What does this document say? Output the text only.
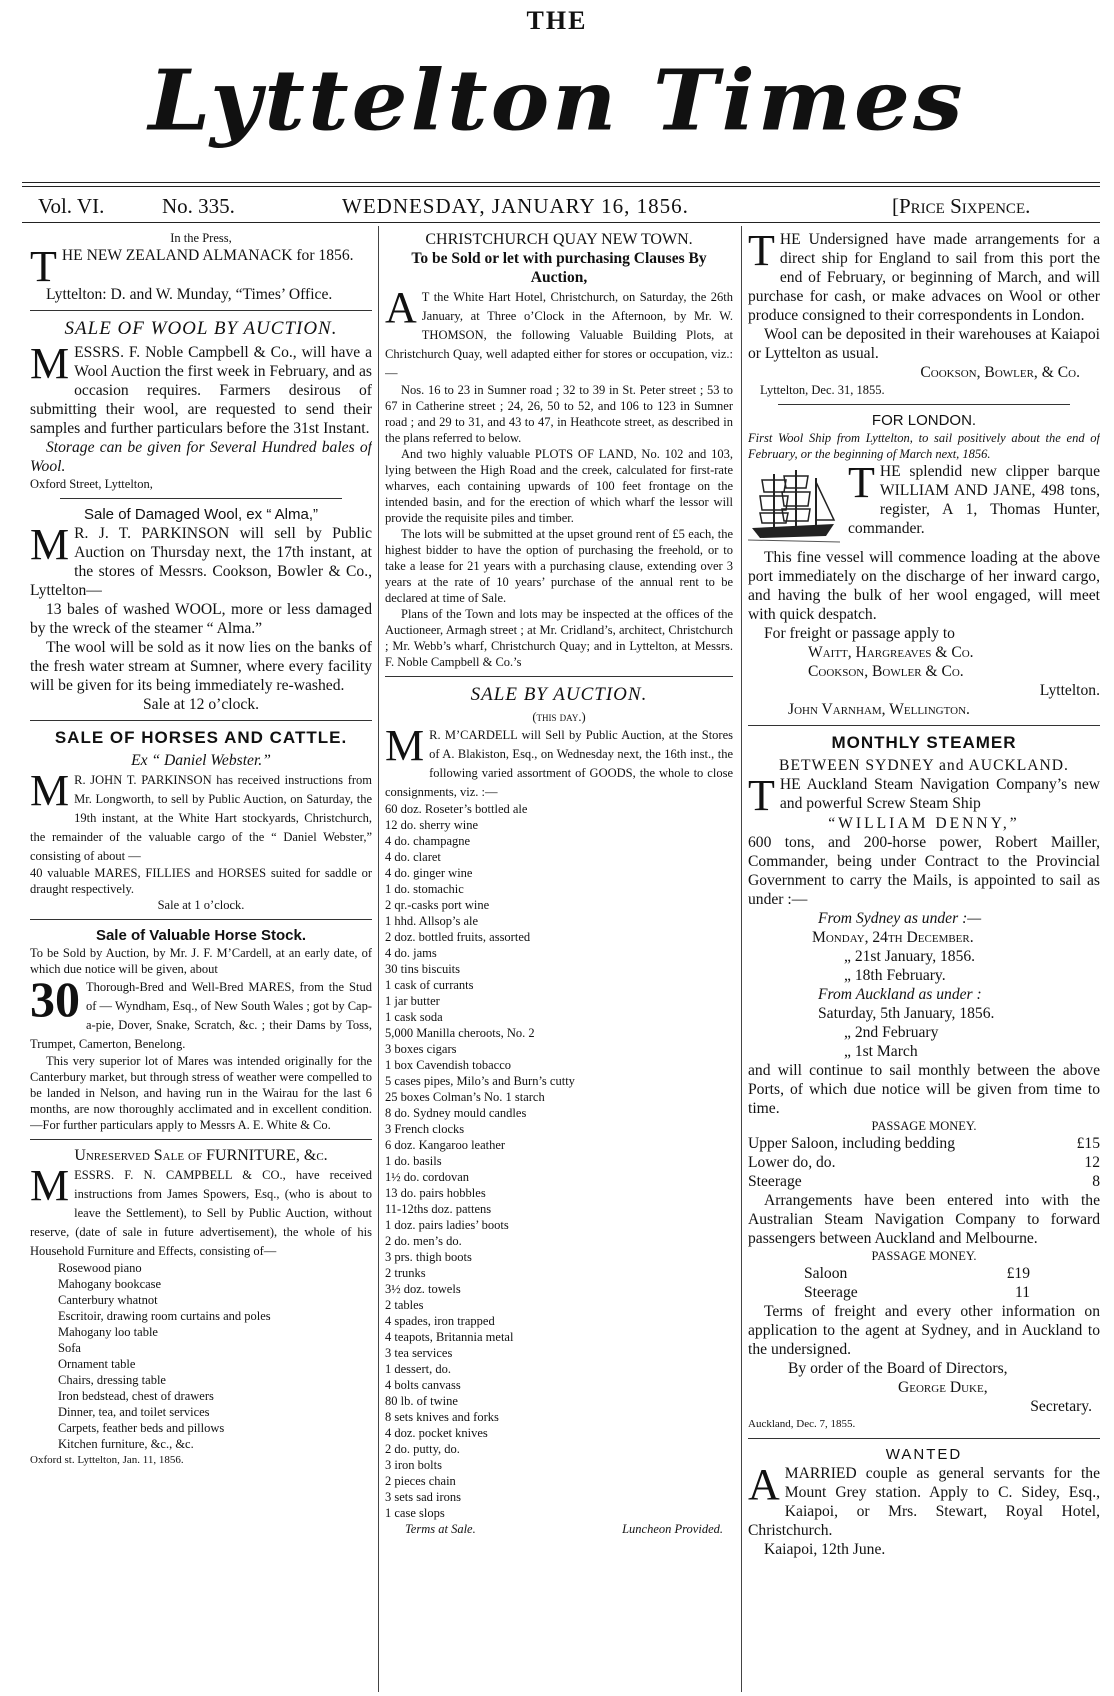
THE
Lyttelton Times
Vol. VI.	No. 335.	WEDNESDAY, JANUARY 16, 1856.	[Price Sixpence.

In the Press,

THE NEW ZEALAND ALMANACK for 1856.

Lyttelton: D. and W. Munday, “Times’ Office.

SALE OF WOOL BY AUCTION.

MESSRS. F. Noble Campbell & Co., will have a Wool Auction the first week in February, and as occasion requires. Farmers desirous of submitting their wool, are requested to send their samples and further particulars before the 31st Instant.

Storage can be given for Several Hundred bales of Wool.

Oxford Street, Lyttelton,

Sale of Damaged Wool, ex “ Alma,”

M R. J. T. PARKINSON will sell by Public Auction on Thursday next, the 17th instant, at the stores of Messrs. Cookson, Bowler & Co., Lyttelton—

13 bales of washed WOOL, more or less damaged by the wreck of the steamer “ Alma.”

The wool will be sold as it now lies on the banks of the fresh water stream at Sumner, where every facility will be given for its being immediately re-washed.

Sale at 12 o’clock.

SALE OF HORSES AND CATTLE.

Ex “ Daniel Webster.”

M R. JOHN T. PARKINSON has received instructions from Mr. Longworth, to sell by Public Auction, on Saturday, the 19th instant, at the White Hart stockyards, Christchurch, the remainder of the valuable cargo of the “ Daniel Webster,” consisting of about —

40 valuable MARES, FILLIES and HORSES suited for saddle or draught respectively.

Sale at 1 o’clock.

Sale of Valuable Horse Stock.

To be Sold by Auction, by Mr. J. F. M’Cardell, at an early date, of which due notice will be given, about

30 Thorough-Bred and Well-Bred MARES, from the Stud of — Wyndham, Esq., of New South Wales ; got by Cap-a-pie, Dover, Snake, Scratch, &c. ; their Dams by Toss, Trumpet, Camerton, Benelong.

This very superior lot of Mares was intended originally for the Canterbury market, but through stress of weather were compelled to be landed in Nelson, and having run in the Wairau for the last 6 months, are now thoroughly acclimated and in excellent condition.—For further particulars apply to Messrs A. E. White & Co.

Unreserved Sale of FURNITURE, &c.

MESSRS. F. N. CAMPBELL & CO., have received instructions from James Spowers, Esq., (who is about to leave the Settlement), to Sell by Public Auction, without reserve, (date of sale in future advertisement), the whole of his Household Furniture and Effects, consisting of—

Rosewood piano
Mahogany bookcase
Canterbury whatnot
Escritoir, drawing room curtains and poles
Mahogany loo table
Sofa
Ornament table
Chairs, dressing table
Iron bedstead, chest of drawers
Dinner, tea, and toilet services
Carpets, feather beds and pillows
Kitchen furniture, &c., &c.

Oxford st. Lyttelton, Jan. 11, 1856.

CHRISTCHURCH QUAY NEW TOWN.

To be Sold or let with purchasing Clauses By Auction,

A T the White Hart Hotel, Christchurch, on Saturday, the 26th January, at Three o’Clock in the Afternoon, by Mr. W. THOMSON, the following Valuable Building Plots, at Christchurch Quay, well adapted either for stores or occupation, viz.:—

Nos. 16 to 23 in Sumner road ; 32 to 39 in St. Peter street ; 53 to 67 in Catherine street ; 24, 26, 50 to 52, and 106 to 123 in Sumner road ; and 29 to 31, and 43 to 47, in Heathcote street, as described in the plans referred to below.

And two highly valuable PLOTS OF LAND, No. 102 and 103, lying between the High Road and the creek, calculated for first-rate wharves, each containing upwards of 100 feet frontage on the intended basin, and for the erection of which wharf the lessor will provide the requisite piles and timber.

The lots will be submitted at the upset ground rent of £5 each, the highest bidder to have the option of purchasing the freehold, or to take a lease for 21 years with a purchasing clause, extending over 3 years at the rate of 10 years’ purchase of the annual rent to be declared at time of Sale.

Plans of the Town and lots may be inspected at the offices of the Auctioneer, Armagh street ; at Mr. Cridland’s, architect, Christchurch ; Mr. Webb’s wharf, Christchurch Quay; and in Lyttelton, at Messrs. F. Noble Campbell & Co.’s

SALE BY AUCTION.

(this day.)

M R. M’CARDELL will Sell by Public Auction, at the Stores of A. Blakiston, Esq., on Wednesday next, the 16th inst., the following varied assortment of GOODS, the whole to close consignments, viz. :—

60 doz. Roseter’s bottled ale
12 do. sherry wine
4 do. champagne
4 do. claret
4 do. ginger wine
1 do. stomachic
2 qr.-casks port wine
1 hhd. Allsop’s ale
2 doz. bottled fruits, assorted
4 do. jams
30 tins biscuits
1 cask of currants
1 jar butter
1 cask soda
5,000 Manilla cheroots, No. 2
3 boxes cigars
1 box Cavendish tobacco
5 cases pipes, Milo’s and Burn’s cutty
25 boxes Colman’s No. 1 starch
8 do. Sydney mould candles
3 French clocks
6 doz. Kangaroo leather
1 do. basils
1½ do. cordovan
13 do. pairs hobbles
11-12ths doz. pattens
1 doz. pairs ladies’ boots
2 do. men’s do.
3 prs. thigh boots
2 trunks
3½ doz. towels
2 tables
4 spades, iron trapped
4 teapots, Britannia metal
3 tea services
1 dessert, do.
4 bolts canvass
80 lb. of twine
8 sets knives and forks
4 doz. pocket knives
2 do. putty, do.
3 iron bolts
2 pieces chain
3 sets sad irons
1 case slops

Terms at Sale.	Luncheon Provided.

THE Undersigned have made arrangements for a direct ship for England to sail from this port the end of February, or beginning of March, and will purchase for cash, or make advaces on Wool or other produce consigned to their correspondents in London.

Wool can be deposited in their warehouses at Kaiapoi or Lyttelton as usual.

Cookson, Bowler, & Co.

Lyttelton, Dec. 31, 1855.

FOR LONDON.

First Wool Ship from Lyttelton, to sail positively about the end of February, or the beginning of March next, 1856.

THE splendid new clipper barque WILLIAM AND JANE, 498 tons, register, A 1, Thomas Hunter, commander.

This fine vessel will commence loading at the above port immediately on the discharge of her inward cargo, and having the bulk of her wool engaged, will meet with quick despatch.

For freight or passage apply to

Waitt, Hargreaves & Co.

Cookson, Bowler & Co.

Lyttelton.

John Varnham, Wellington.

MONTHLY STEAMER

BETWEEN SYDNEY and AUCKLAND.

THE Auckland Steam Navigation Company’s new and powerful Screw Steam Ship

“WILLIAM DENNY,”

600 tons, and 200-horse power, Robert Mailler, Commander, being under Contract to the Provincial Government to carry the Mails, is appointed to sail as under :—

From Sydney as under :—

Monday, 24th December.

„ 21st January, 1856.

„ 18th February.

From Auckland as under :

Saturday, 5th January, 1856.

„ 2nd February

„ 1st March

and will continue to sail monthly between the above Ports, of which due notice will be given from time to time.

PASSAGE MONEY.

Upper Saloon, including bedding	£15

Lower do, do.	12

Steerage	8

Arrangements have been entered into with the Australian Steam Navigation Company to forward passengers between Auckland and Melbourne.

PASSAGE MONEY.

Saloon	£19

Steerage	11

Terms of freight and every other information on application to the agent at Sydney, and in Auckland to the undersigned.

By order of the Board of Directors,

George Duke,

Secretary.

Auckland, Dec. 7, 1855.

WANTED

AMARRIED couple as general servants for the Mount Grey station. Apply to C. Sidey, Esq., Kaiapoi, or Mrs. Stewart, Royal Hotel, Christchurch.

Kaiapoi, 12th June.
